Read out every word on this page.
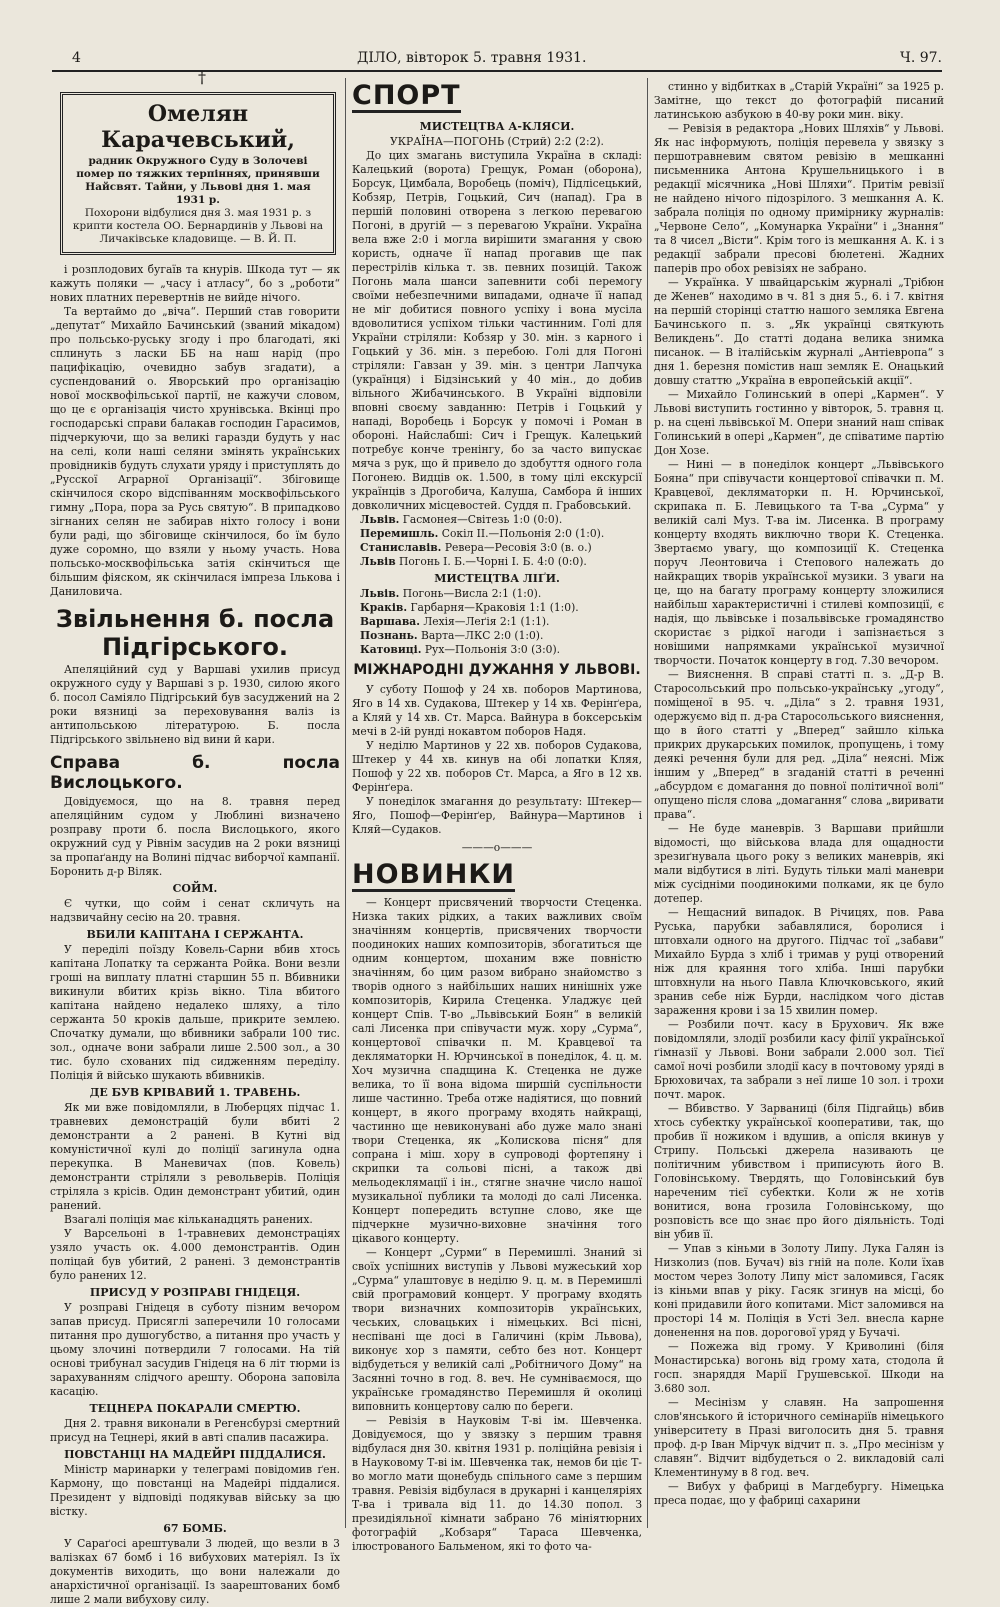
4	ДІЛО, вівторок 5. травня 1931.	Ч. 97.
†
Омелян Карачевський,
радник Окружного Суду в Золочеві
помер по тяжких терпіннях, принявши Найсвят. Тайни, у Львові дня 1. мая 1931 р.
Похорони відбулися дня 3. мая 1931 р. з крипти костела ОО. Бернардинів у Львові на Личаківське кладовище. — В. Й. П.

і розплодових бугаїв та кнурів. Шкода тут — як кажуть поляки — „часу і атласу“, бо з „роботи“ нових платних перевертнів не вийде нічого.

Та вертаймо до „віча“. Перший став говорити „депутат“ Михайло Бачинський (званий мікадом) про польсько-руську згоду і про благодаті, які сплинуть з ласки ББ на наш нарід (про пацифікацію, очевидно забув згадати), а суспендований о. Яворський про організацію нової москвофільської партії, не кажучи словом, що це є організація чисто хрунівська. Вкінці про господарські справи балакав господин Гарасимов, підчеркуючи, що за великі гаразди будуть у нас на селі, коли наші селяни змінять українських провідників будуть слухати уряду і приступлять до „Русскої Аграрної Організації“. Збіговище скінчилося скоро відспіванням москвофільського гимну „Пора, пора за Русь святую“. В припадково зігнаних селян не забирав ніхто голосу і вони були раді, що збіговище скінчилося, бо їм було дуже соромно, що взяли у ньому участь. Нова польсько-москвофільська затія скінчиться ще більшим фіяском, як скінчилася імпреза Ількова і Даниловича.

Звільнення б. посла Підгірського.

Апеляційний суд у Варшаві ухилив присуд окружного суду у Варшаві з р. 1930, силою якого б. посол Саміяло Підгірський був засуджений на 2 роки вязниці за переховування валіз із антипольською літературою. Б. посла Підгірського звільнено від вини й кари.

Справа б. посла Вислоцького.

Довідуємося, що на 8. травня перед апеляційним судом у Люблині визначено розправу проти б. посла Вислоцького, якого окружний суд у Рівнім засудив на 2 роки вязниці за пропаґанду на Волині підчас виборчої кампанії. Боронить д-р Віляк.

СОЙМ.

Є чутки, що сойм і сенат скличуть на надзвичайну сесію на 20. травня.

ВБИЛИ КАПІТАНА І СЕРЖАНТА.

У переділі поїзду Ковель-Сарни вбив хтось капітана Лопатку та сержанта Ройка. Вони везли гроші на виплату платні старшин 55 п. Вбивники викинули вбитих крізь вікно. Тіла вбитого капітана найдено недалеко шляху, а тіло сержанта 50 кроків дальше, прикрите землею. Спочатку думали, що вбивники забрали 100 тис. зол., одначе вони забрали лише 2.500 зол., а 30 тис. було схованих під сидженням переділу. Поліція й військо шукають вбивників.

ДЕ БУВ КРІВАВИЙ 1. ТРАВЕНЬ.

Як ми вже повідомляли, в Люберцях підчас 1. травневих демонстрацій були вбиті 2 демонстранти а 2 ранені. В Кутні від комуністичної кулі до поліції загинула одна перекупка. В Маневичах (пов. Ковель) демонстранти стріляли з револьверів. Поліція стріляла з крісів. Один демонстрант убитий, один ранений.

Взагалі поліція має кільканадцять ранених.

У Варсельоні в 1-травневих демонстраціях узяло участь ок. 4.000 демонстрантів. Один поліцай був убитий, 2 ранені. З демонстрантів було ранених 12.

ПРИСУД У РОЗПРАВІ ГНІДЕЦЯ.

У розправі Гнідеця в суботу пізним вечором запав присуд. Присяглі заперечили 10 голосами питання про душогубство, а питання про участь у цьому злочині потвердили 7 голосами. На тій основі трибунал засудив Гнідеця на 6 літ тюрми із зарахуванням слідчого арешту. Оборона заповіла касацію.

ТЕЦНЕРА ПОКАРАЛИ СМЕРТЮ.

Дня 2. травня виконали в Регенсбурзі смертний присуд на Тецнері, який в авті спалив пасажира.

ПОВСТАНЦІ НА МАДЕЙРІ ПІДДАЛИСЯ.

Міністр маринарки у телеграмі повідомив ґен. Кармону, що повстанці на Мадейрі піддалися. Президент у відповіді подякував війську за цю вістку.

67 БОМБ.

У Сараґосі арештували 3 людей, що везли в 3 валізках 67 бомб і 16 вибухових матеріял. Із їх документів виходить, що вони належали до анархістичної організації. Із заарештованих бомб лише 2 мали вибухову силу.

СПОРТ
МИСТЕЦТВА А-КЛЯСИ.
УКРАЇНА—ПОГОНЬ (Стрий) 2:2 (2:2).

До цих змагань виступила Україна в складі: Калецький (ворота) Грещук, Роман (оборона), Борсук, Цимбала, Воробець (поміч), Підлісецький, Кобзяр, Петрів, Гоцький, Сич (напад). Гра в першій половині отворена з легкою перевагою Погоні, в другій — з перевагою України. Україна вела вже 2:0 і могла вирішити змагання у свою користь, одначе її напад прогавив ще пак перестрілів кілька т. зв. певних позицій. Також Погонь мала шанси запевнити собі перемогу своїми небезпечними випадами, одначе її напад не міг добитися повного успіху і вона мусіла вдоволитися успіхом тільки частинним. Голі для України стріляли: Кобзяр у 30. мін. з карного і Гоцький у 36. мін. з перебою. Голі для Погоні стріляли: Гавзан у 39. мін. з центри Лапчука (українця) і Бідзінський у 40 мін., до добив вільного Жибачинського. В Україні відповіли вповні своєму завданню: Петрів і Гоцький у нападі, Воробець і Борсук у помочі і Роман в обороні. Найслабші: Сич і Грещук. Калецький потребує конче тренінгу, бо за часто випускає мяча з рук, що й привело до здобуття одного гола Погонею. Видців ок. 1.500, в тому цілі екскурсії українців з Дрогобича, Калуша, Самбора й інших довколичних місцевостей. Суддя п. Грабовський.

Львів. Гасмонея—Світезь 1:0 (0:0).
Перемишль. Сокіл II.—Польонія 2:0 (1:0).
Станиславів. Ревера—Ресовія 3:0 (в. о.)
Львів Погонь I. Б.—Чорні I. Б. 4:0 (0:0).
МИСТЕЦТВА ЛІҐИ.
Львів. Погонь—Висла 2:1 (1:0).
Краків. Гарбарня—Краковія 1:1 (1:0).
Варшава. Лехія—Леґія 2:1 (1:1).
Познань. Варта—ЛКС 2:0 (1:0).
Катовиці. Рух—Польонія 3:0 (3:0).
МІЖНАРОДНІ ДУЖАННЯ У ЛЬВОВІ.

У суботу Пошоф у 24 хв. поборов Мартинова, Яго в 14 хв. Судакова, Штекер у 14 хв. Ферінґера, а Кляй у 14 хв. Ст. Марса. Вайнура в боксерськім мечі в 2-ій рунді нокавтом поборов Надя.

У неділю Мартинов у 22 хв. поборов Судакова, Штекер у 44 хв. кинув на обі лопатки Кляя, Пошоф у 22 хв. поборов Ст. Марса, а Яго в 12 хв. Ферінґера.

У понеділок змагання до результату: Штекер—Яго, Пошоф—Ферінґер, Вайнура—Мартинов і Кляй—Судаков.

———o———
НОВИНКИ

— Концерт присвячений творчости Стеценка. Низка таких рідких, а таких важливих своїм значінням концертів, присвячених творчости поодиноких наших композиторів, збогатиться ще одним концертом, шоханим вже повністю значінням, бо цим разом вибрано знайомство з творів одного з найбільших наших нинішніх уже композиторів, Кирила Стеценка. Уладжує цей концерт Спів. Т-во „Львівський Боян“ в великій салі Лисенка при співучасти муж. хору „Сурма“, концертової співачки п. М. Кравцевої та декляматорки Н. Юрчинської в понеділок, 4. ц. м. Хоч музична спадщина К. Стеценка не дуже велика, то її вона відома ширшій суспільности лише частинно. Треба отже надіятися, що повний концерт, в якого програму входять найкращі, частинно ще невиконувані або дуже мало знані твори Стеценка, як „Колискова пісня“ для сопрана і міш. хору в супроводі фортепяну і скрипки та сольові пісні, а також дві мельодеклямації і ін., стягне значне число нашої музикальної публики та молоді до салі Лисенка. Концерт попередить вступне слово, яке ще підчеркне музично-виховне значіння того цікавого концерту.

— Концерт „Сурми“ в Перемишлі. Знаний зі своїх успішних виступів у Львові мужеський хор „Сурма“ улаштовує в неділю 9. ц. м. в Перемишлі свій програмовий концерт. У програму входять твори визначних композиторів українських, чеських, словацьких і німецьких. Всі пісні, неспівані ще досі в Галичині (крім Львова), виконує хор з памяти, себто без нот. Концерт відбудеться у великій салі „Робітничого Дому“ на Засянні точно в год. 8. веч. Не сумніваємося, що українське громадянство Перемишля й околиці виповнить концертову салю по береги.

— Ревізія в Науковім Т-ві ім. Шевченка. Довідуємося, що у звязку з першим травня відбулася дня 30. квітня 1931 р. поліційна ревізія і в Науковому Т-ві ім. Шевченка так, немов би ціє Т-во могло мати щонебудь спільного саме з першим травня. Ревізія відбулася в друкарні і канцеляріях Т-ва і тривала від 11. до 14.30 попол. З президіяльної кімнати забрано 76 мініятюрних фотографій „Кобзаря“ Тараса Шевченка, ілюстрованого Бальменом, які то фото ча-

стинно у відбитках в „Старій Україні“ за 1925 р. Замітне, що текст до фотографій писаний латинською азбукою в 40-ву роки мин. віку.

— Ревізія в редактора „Нових Шляхів“ у Львові. Як нас інформують, поліція перевела у звязку з першотравневим святом ревізію в мешканні письменника Антона Крушельницького і в редакції місячника „Нові Шляхи“. Притім ревізії не найдено нічого підозрілого. З мешкання А. К. забрала поліція по одному примірнику журналів: „Червоне Село“, „Комунарка України“ і „Знання“ та 8 чисел „Вісти“. Крім того із мешкання А. К. і з редакції забрали пресові бюлетені. Жадних паперів про обох ревізіях не забрано.

— Українка. У швайцарськім журналі „Трібюн де Женев“ находимо в ч. 81 з дня 5., 6. і 7. квітня на першій сторінці статтю нашого земляка Евгена Бачинського п. з. „Як українці святкують Великдень“. До статті додана велика знимка писанок. — В італійськім журналі „Антіевропа“ з дня 1. березня помістив наш земляк Е. Онацький довшу статтю „Україна в европейській акції“.

— Михайло Голинський в опері „Кармен“. У Львові виступить гостинно у вівторок, 5. травня ц. р. на сцені львівської М. Опери знаний наш співак Голинський в опері „Кармен“, де співатиме партію Дон Хозе.

— Нині — в понеділок концерт „Львівського Бояна“ при співучасти концертової співачки п. М. Кравцевої, декляматорки п. Н. Юрчинської, скрипака п. Б. Левицького та Т-ва „Сурма“ у великій салі Муз. Т-ва ім. Лисенка. В програму концерту входять виключно твори К. Стеценка. Звертаємо увагу, що композиції К. Стеценка поруч Леонтовича і Степового належать до найкращих творів української музики. З уваги на це, що на багату програму концерту зложилися найбільш характеристичні і стилеві композиції, є надія, що львівське і позальвівське громадянство скористає з рідкої нагоди і запізнається з новішими напрямками української музичної творчости. Початок концерту в год. 7.30 вечором.

— Вияснення. В справі статті п. з. „Д-р В. Старосольський про польсько-українську „угоду“, поміщеної в 95. ч. „Діла“ з 2. травня 1931, одержуємо від п. д-ра Старосольського вияснення, що в його статті у „Вперед“ зайшло кілька прикрих друкарських помилок, пропущень, і тому деякі речення були для ред. „Діла“ неясні. Між іншим у „Вперед“ в згаданій статті в реченні „абсурдом є домагання до повної політичної волі“ опущено після слова „домагання“ слова „виривати права“.

— Не буде маневрів. З Варшави прийшли відомості, що військова влада для ощадности зрезиґнувала цього року з великих маневрів, які мали відбутися в літі. Будуть тільки малі маневри між сусідніми поодинокими полками, як це було дотепер.

— Нещасний випадок. В Річицях, пов. Рава Руська, парубки забавлялися, боролися і штовхали одного на другого. Підчас тої „забави“ Михайло Бурда з хліб і тримав у руці отворений ніж для краяння того хліба. Інші парубки штовхнули на нього Павла Ключковського, який зранив себе ніж Бурди, наслідком чого дістав зараження крови і за 15 хвилин помер.

— Розбили почт. касу в Брухович. Як вже повідомляли, злодії розбили касу філії української ґімназії у Львові. Вони забрали 2.000 зол. Тієї самої ночі розбили злодії касу в почтовому уряді в Брюховичах, та забрали з неї лише 10 зол. і трохи почт. марок.

— Вбивство. У Зарваниці (біля Підгайць) вбив хтось субектку української кооперативи, так, що пробив її ножиком і вдушив, а опісля вкинув у Стрипу. Польські джерела називають це політичним убивством і приписують його В. Головінському. Твердять, що Головінський був нареченим тієї субектки. Коли ж не хотів вонитися, вона грозила Головінському, що розповість все що знає про його діяльність. Тоді він убив її.

— Упав з кіньми в Золоту Липу. Лука Галян із Низколиз (пов. Бучач) віз гній на поле. Коли їхав мостом через Золоту Липу міст заломився, Гасяк із кіньми впав у ріку. Гасяк згинув на місці, бо коні придавили його копитами. Міст заломився на просторі 14 м. Поліція в Усті Зел. внесла карне доненення на пов. дорогової уряд у Бучачі.

— Пожежа від грому. У Криволині (біля Монастирська) вогонь від грому хата, стодола й госп. знаряддя Марії Грушевської. Шкоди на 3.680 зол.

— Месінізм у славян. На запрошення слов'янського й історичного семінаріїв німецького університету в Празі виголосить дня 5. травня проф. д-р Іван Мірчук відчит п. з. „Про месінізм у славян“. Відчит відбудеться о 2. викладовій салі Клементинуму в 8 год. веч.

— Вибух у фабриці в Магдебургу. Німецька преса подає, що у фабриці сахарини
